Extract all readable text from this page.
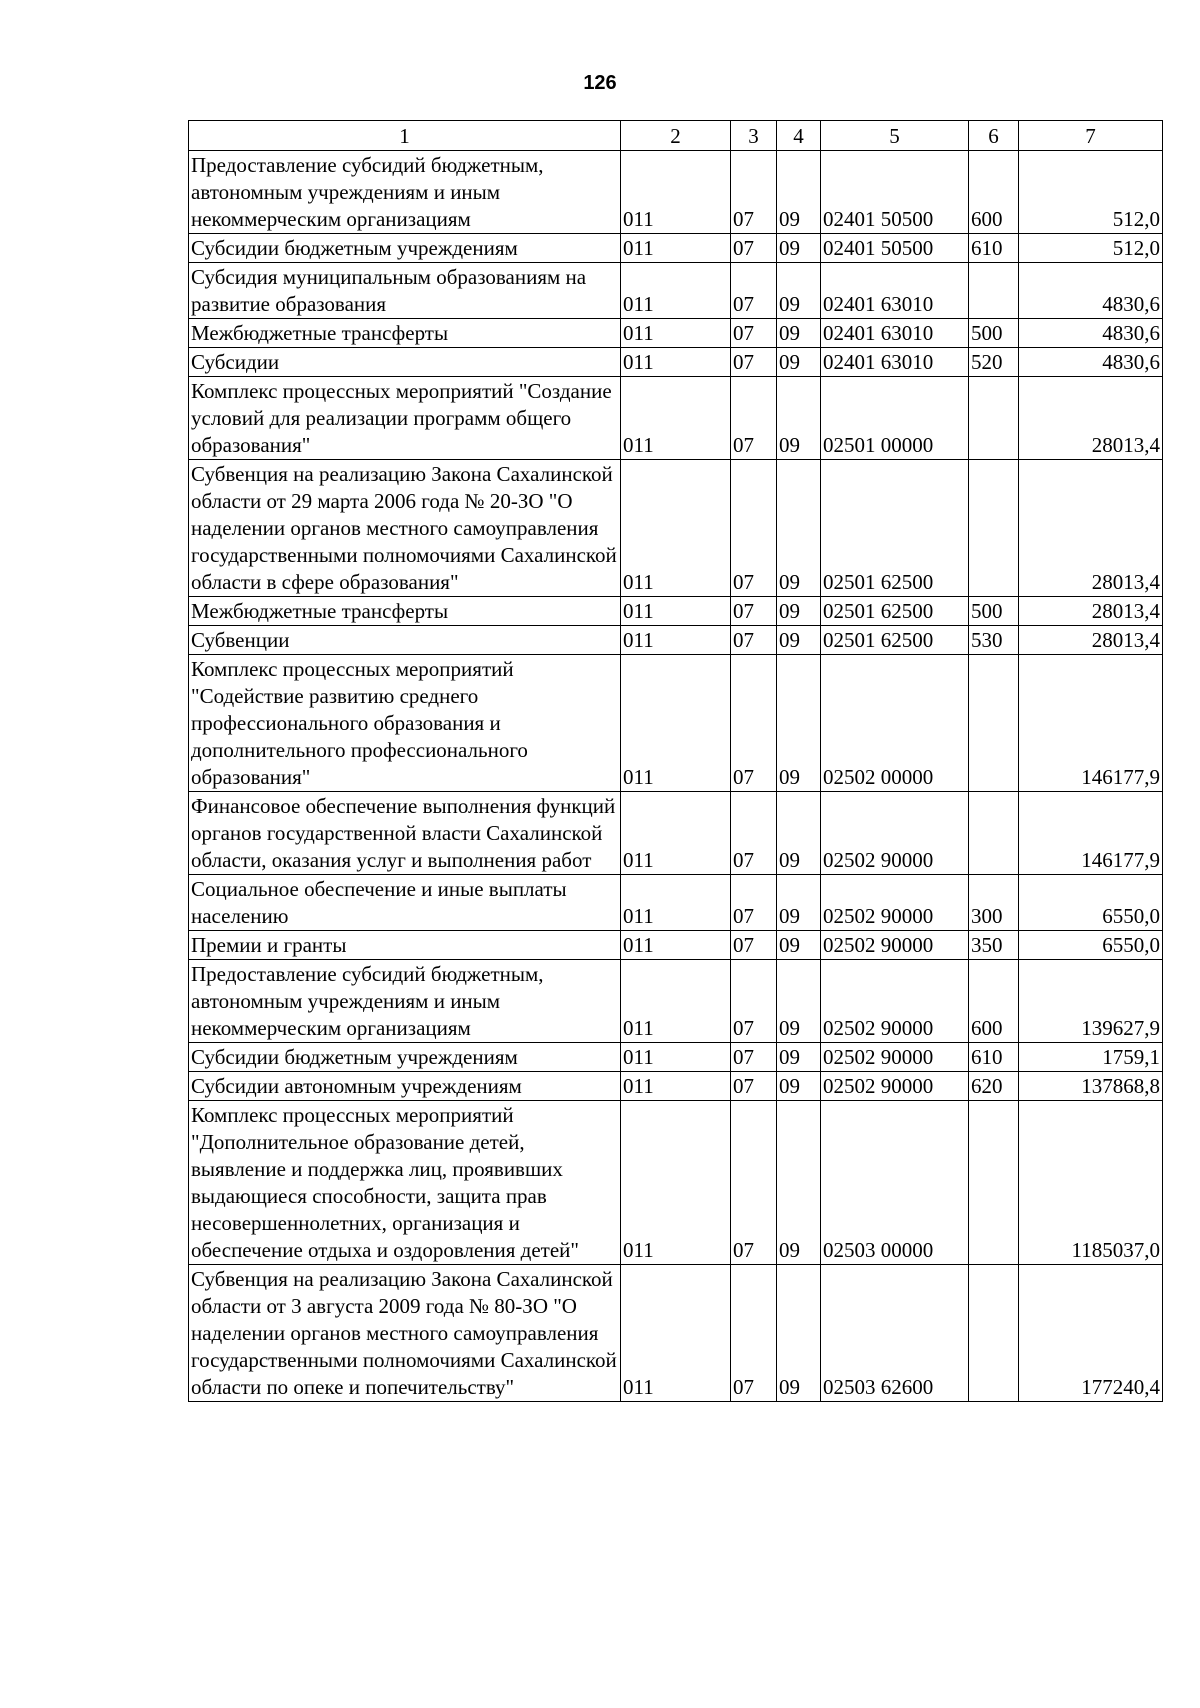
126
1	2	3	4	5	6	7
Предоставление субсидий бюджетным, автономным учреждениям и иным некоммерческим организациям	011	07	09	02401 50500	600	512,0
Субсидии бюджетным учреждениям	011	07	09	02401 50500	610	512,0
Субсидия муниципальным образованиям на развитие образования	011	07	09	02401 63010		4830,6
Межбюджетные трансферты	011	07	09	02401 63010	500	4830,6
Субсидии	011	07	09	02401 63010	520	4830,6
Комплекс процессных мероприятий "Создание условий для реализации программ общего образования"	011	07	09	02501 00000		28013,4
Субвенция на реализацию Закона Сахалинской области от 29 марта 2006 года № 20-ЗО "О наделении органов местного самоуправления государственными полномочиями Сахалинской области в сфере образования"	011	07	09	02501 62500		28013,4
Межбюджетные трансферты	011	07	09	02501 62500	500	28013,4
Субвенции	011	07	09	02501 62500	530	28013,4
Комплекс процессных мероприятий "Содействие развитию среднего профессионального образования и дополнительного профессионального образования"	011	07	09	02502 00000		146177,9
Финансовое обеспечение выполнения функций органов государственной власти Сахалинской области, оказания услуг и выполнения работ	011	07	09	02502 90000		146177,9
Социальное обеспечение и иные выплаты населению	011	07	09	02502 90000	300	6550,0
Премии и гранты	011	07	09	02502 90000	350	6550,0
Предоставление субсидий бюджетным, автономным учреждениям и иным некоммерческим организациям	011	07	09	02502 90000	600	139627,9
Субсидии бюджетным учреждениям	011	07	09	02502 90000	610	1759,1
Субсидии автономным учреждениям	011	07	09	02502 90000	620	137868,8
Комплекс процессных мероприятий "Дополнительное образование детей, выявление и поддержка лиц, проявивших выдающиеся способности, защита прав несовершеннолетних, организация и обеспечение отдыха и оздоровления детей"	011	07	09	02503 00000		1185037,0
Субвенция на реализацию Закона Сахалинской области от 3 августа 2009 года № 80-ЗО "О наделении органов местного самоуправления государственными полномочиями Сахалинской области по опеке и попечительству"	011	07	09	02503 62600		177240,4
